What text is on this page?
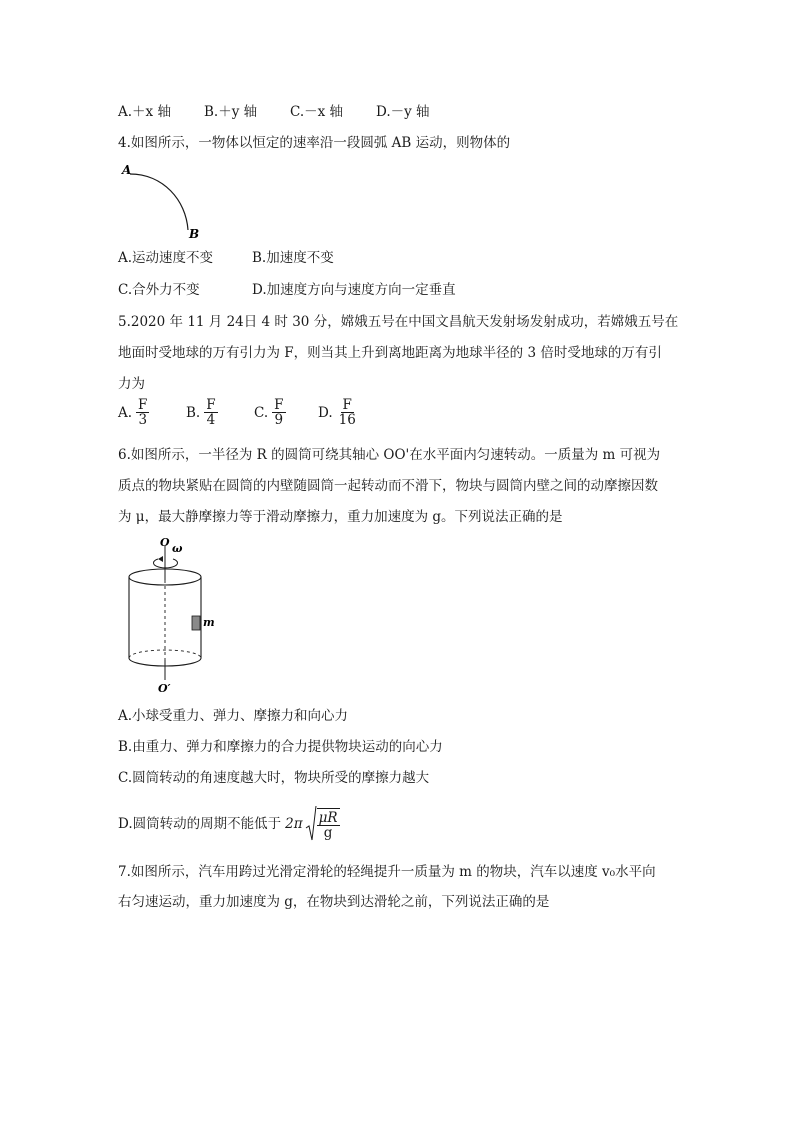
A.＋x 轴 B.＋y 轴 C.－x 轴 D.－y 轴
4.如图所示，一物体以恒定的速率沿一段圆弧 AB 运动，则物体的
A
B
A.运动速度不变	B.加速度不变
C.合外力不变	D.加速度方向与速度方向一定垂直
5.2020 年 11 月 24日 4 时 30 分，嫦娥五号在中国文昌航天发射场发射成功，若嫦娥五号在
地面时受地球的万有引力为 F，则当其上升到离地距离为地球半径的 3 倍时受地球的万有引
力为
A. $\frac{F}{3}$	B. $\frac{F}{4}$	C. $\frac{F}{9} D$. $\frac{F}{16}$
6.如图所示，一半径为 R 的圆筒可绕其轴心 OO'在水平面内匀速转动。一质量为 m 可视为
质点的物块紧贴在圆筒的内壁随圆筒一起转动而不滑下，物块与圆筒内壁之间的动摩擦因数
为 μ，最大静摩擦力等于滑动摩擦力，重力加速度为 g。下列说法正确的是
O ω
m
O′
A.小球受重力、弹力、摩擦力和向心力
B.由重力、弹力和摩擦力的合力提供物块运动的向心力
C.圆筒转动的角速度越大时，物块所受的摩擦力越大
D.圆筒转动的周期不能低于 $2\pi \frac{\mu R}{g}$
7.如图所示，汽车用跨过光滑定滑轮的轻绳提升一质量为 m 的物块，汽车以速度 v₀水平向
右匀速运动，重力加速度为 g，在物块到达滑轮之前，下列说法正确的是
